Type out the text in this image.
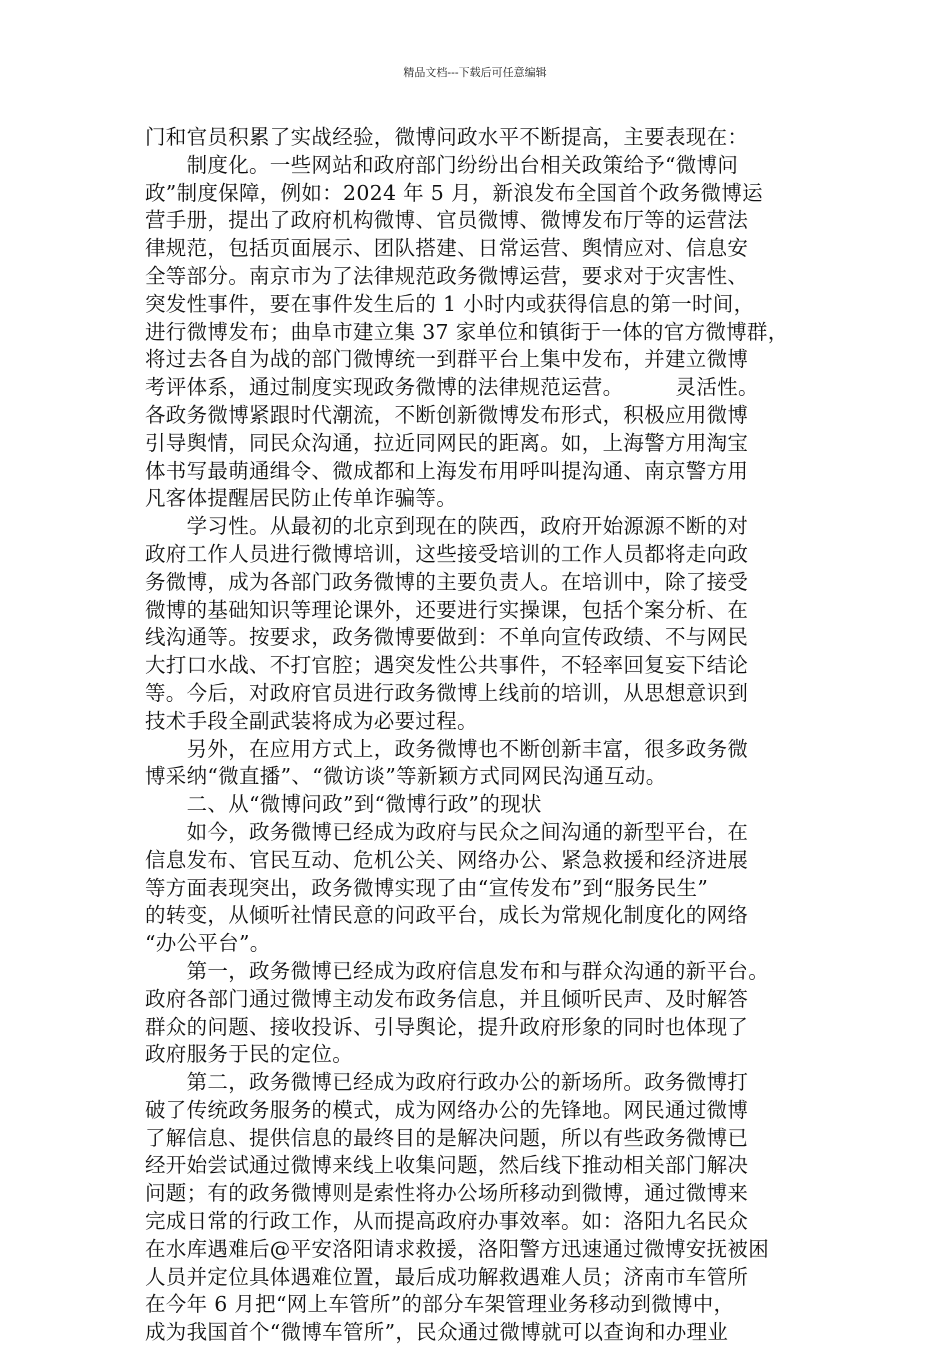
精品文档---下载后可任意编辑
门和官员积累了实战经验，微博问政水平不断提高，主要表现在：
　　制度化。一些网站和政府部门纷纷出台相关政策给予“微博问
政”制度保障，例如：2024 年 5 月，新浪发布全国首个政务微博运
营手册，提出了政府机构微博、官员微博、微博发布厅等的运营法
律规范，包括页面展示、团队搭建、日常运营、舆情应对、信息安
全等部分。南京市为了法律规范政务微博运营，要求对于灾害性、
突发性事件，要在事件发生后的 1 小时内或获得信息的第一时间，
进行微博发布；曲阜市建立集 37 家单位和镇街于一体的官方微博群，
将过去各自为战的部门微博统一到群平台上集中发布，并建立微博
考评体系，通过制度实现政务微博的法律规范运营。　　　灵活性。
各政务微博紧跟时代潮流，不断创新微博发布形式，积极应用微博
引导舆情，同民众沟通，拉近同网民的距离。如，上海警方用淘宝
体书写最萌通缉令、微成都和上海发布用呼叫提沟通、南京警方用
凡客体提醒居民防止传单诈骗等。
　　学习性。从最初的北京到现在的陕西，政府开始源源不断的对
政府工作人员进行微博培训，这些接受培训的工作人员都将走向政
务微博，成为各部门政务微博的主要负责人。在培训中，除了接受
微博的基础知识等理论课外，还要进行实操课，包括个案分析、在
线沟通等。按要求，政务微博要做到：不单向宣传政绩、不与网民
大打口水战、不打官腔；遇突发性公共事件，不轻率回复妄下结论
等。今后，对政府官员进行政务微博上线前的培训，从思想意识到
技术手段全副武装将成为必要过程。
　　另外，在应用方式上，政务微博也不断创新丰富，很多政务微
博采纳“微直播”、“微访谈”等新颖方式同网民沟通互动。
　　二、从“微博问政”到“微博行政”的现状
　　如今，政务微博已经成为政府与民众之间沟通的新型平台，在
信息发布、官民互动、危机公关、网络办公、紧急救援和经济进展
等方面表现突出，政务微博实现了由“宣传发布”到“服务民生”
的转变，从倾听社情民意的问政平台，成长为常规化制度化的网络
“办公平台”。
　　第一，政务微博已经成为政府信息发布和与群众沟通的新平台。
政府各部门通过微博主动发布政务信息，并且倾听民声、及时解答
群众的问题、接收投诉、引导舆论，提升政府形象的同时也体现了
政府服务于民的定位。
　　第二，政务微博已经成为政府行政办公的新场所。政务微博打
破了传统政务服务的模式，成为网络办公的先锋地。网民通过微博
了解信息、提供信息的最终目的是解决问题，所以有些政务微博已
经开始尝试通过微博来线上收集问题，然后线下推动相关部门解决
问题；有的政务微博则是索性将办公场所移动到微博，通过微博来
完成日常的行政工作，从而提高政府办事效率。如：洛阳九名民众
在水库遇难后@平安洛阳请求救援，洛阳警方迅速通过微博安抚被困
人员并定位具体遇难位置，最后成功解救遇难人员；济南市车管所
在今年 6 月把“网上车管所”的部分车架管理业务移动到微博中，
成为我国首个“微博车管所”，民众通过微博就可以查询和办理业
